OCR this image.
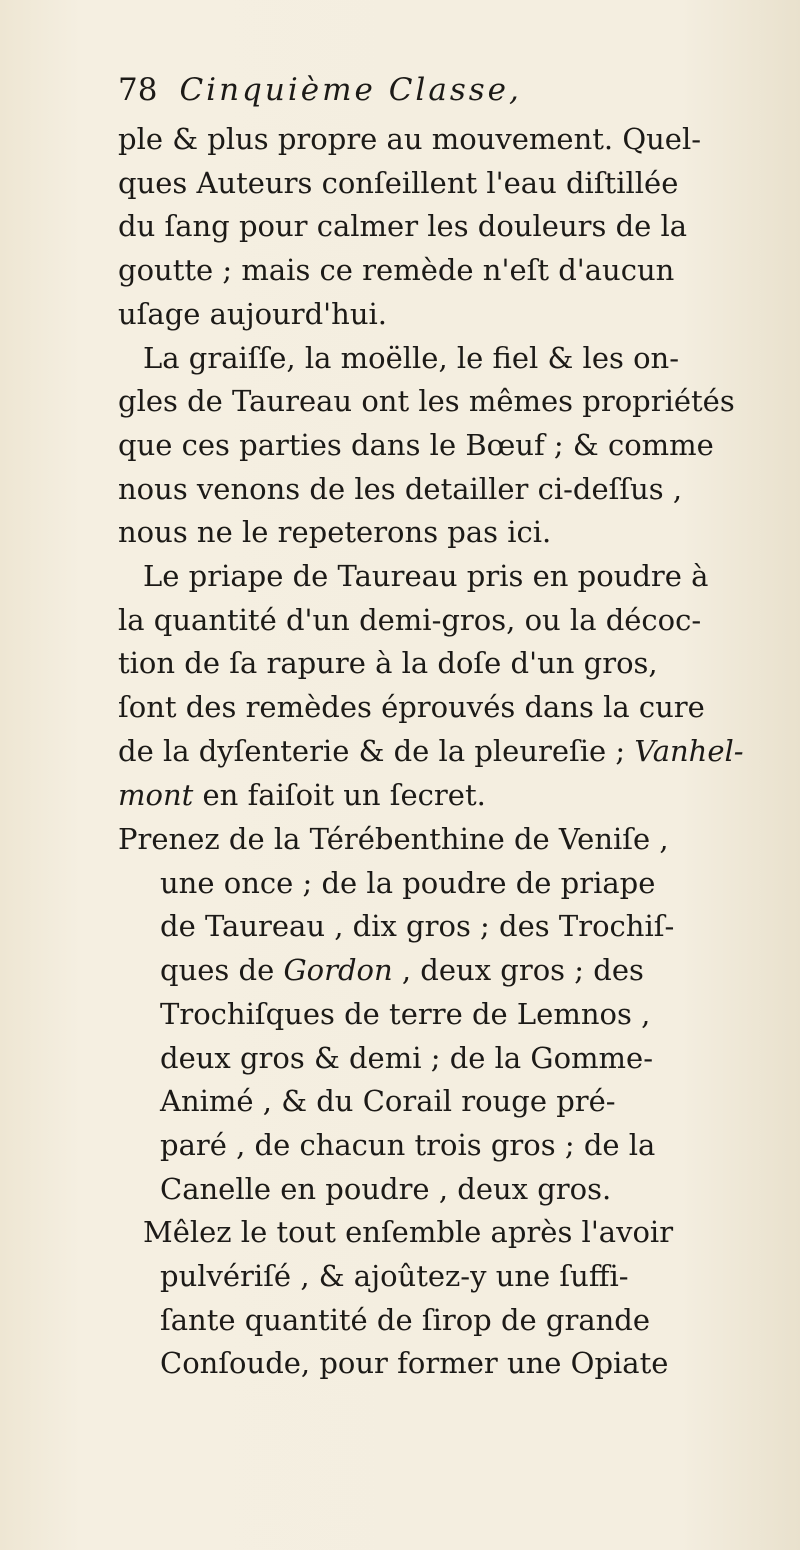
78 Cinquième Classe,
ple & plus propre au mouvement. Quel-
ques Auteurs conſeillent l'eau diſtillée
du ſang pour calmer les douleurs de la
goutte ; mais ce remède n'eſt d'aucun
uſage aujourd'hui.
La graiſſe, la moëlle, le fiel & les on-
gles de Taureau ont les mêmes propriétés
que ces parties dans le Bœuf ; & comme
nous venons de les detailler ci-deſſus ,
nous ne le repeterons pas ici.
Le priape de Taureau pris en poudre à
la quantité d'un demi-gros, ou la décoc-
tion de ſa rapure à la doſe d'un gros,
ſont des remèdes éprouvés dans la cure
de la dyſenterie & de la pleureſie ; Vanhel-
mont en faiſoit un ſecret.
Prenez de la Térébenthine de Veniſe ,
une once ; de la poudre de priape
de Taureau , dix gros ; des Trochiſ-
ques de Gordon , deux gros ; des
Trochiſques de terre de Lemnos ,
deux gros & demi ; de la Gomme-
Animé , & du Corail rouge pré-
paré , de chacun trois gros ; de la
Canelle en poudre , deux gros.
Mêlez le tout enſemble après l'avoir
pulvériſé , & ajoûtez-y une ſuffi-
ſante quantité de ſirop de grande
Conſoude, pour former une Opiate
